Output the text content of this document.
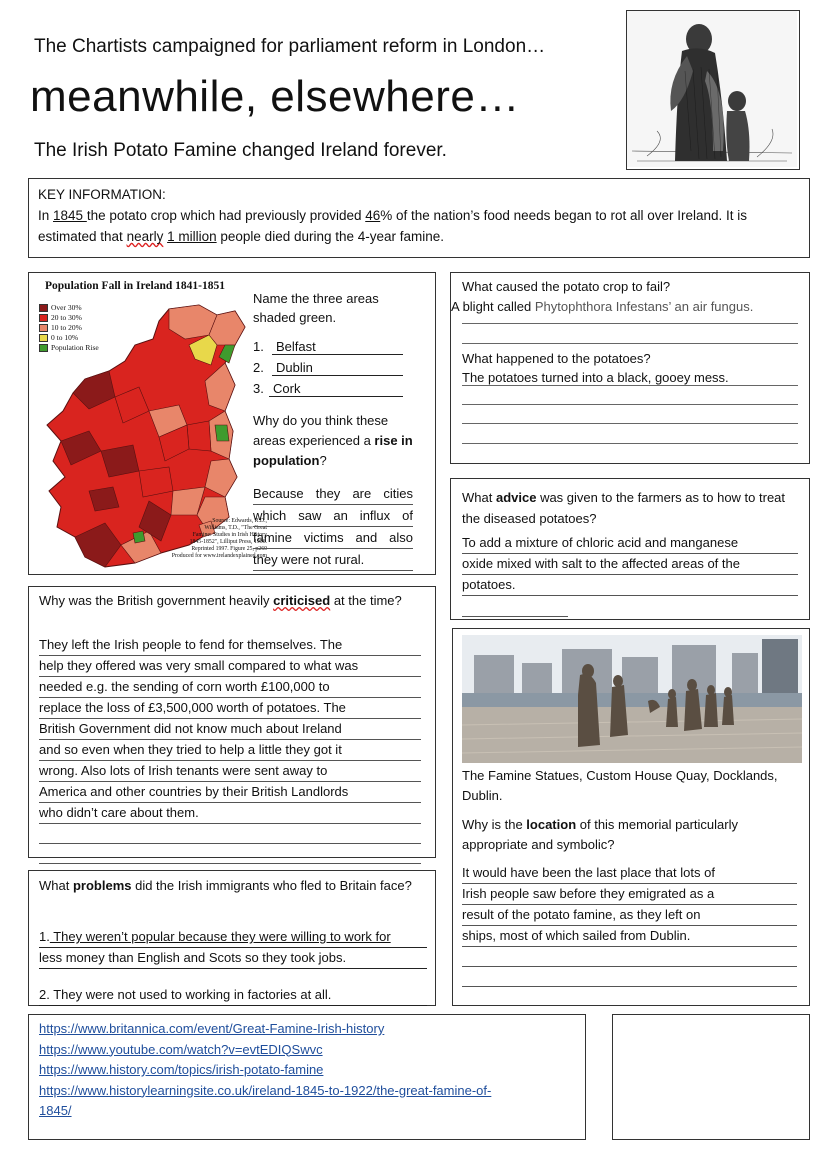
The Chartists campaigned for parliament reform in London…
meanwhile, elsewhere…
The Irish Potato Famine changed Ireland forever.
KEY INFORMATION:
In 1845 the potato crop which had previously provided 46% of the nation’s food needs began to rot all over Ireland. It is estimated that nearly 1 million people died during the 4-year famine.
Population Fall in Ireland 1841-1851
Over 30%
20 to 30%
10 to 20%
0 to 10%
Population Rise
Source: Edwards, R.D.,
Williams, T.D., "The Great
Famine: Studies in Irish History
1845-1852", Lilliput Press, 1956.
Reprinted 1997. Figure 25, p260
Produced for www.irelandexplained.com
Name the three areas shaded green.
1. Belfast
2. Dublin
3. Cork
Why do you think these areas experienced a rise in population?
Because they are cities
which saw an influx of
famine victims and also
they were not rural.
What caused the potato crop to fail?
A blight called Phytophthora Infestans’ an air fungus.
What happened to the potatoes?
The potatoes turned into a black, gooey mess.
What advice was given to the farmers as to how to treat the diseased potatoes?
To add a mixture of chloric acid and manganese
oxide mixed with salt to the affected areas of the
potatoes.
Why was the British government heavily criticised at the time?
They left the Irish people to fend for themselves. The
help they offered was very small compared to what was
needed e.g. the sending of corn worth £100,000 to
replace the loss of £3,500,000 worth of potatoes. The
British Government did not know much about Ireland
and so even when they tried to help a little they got it
wrong. Also lots of Irish tenants were sent away to
America and other countries by their British Landlords
who didn’t care about them.
The Famine Statues, Custom House Quay, Docklands, Dublin.
Why is the location of this memorial particularly appropriate and symbolic?
It would have been the last place that lots of
Irish people saw before they emigrated as a
result of the potato famine, as they left on
ships, most of which sailed from Dublin.
What problems did the Irish immigrants who fled to Britain face?
1. They weren’t popular because they were willing to work for
less money than English and Scots so they took jobs.
2. They were not used to working in factories at all.
https://www.britannica.com/event/Great-Famine-Irish-history
https://www.youtube.com/watch?v=evtEDIQSwvc
https://www.history.com/topics/irish-potato-famine
https://www.historylearningsite.co.uk/ireland-1845-to-1922/the-great-famine-of-
1845/
